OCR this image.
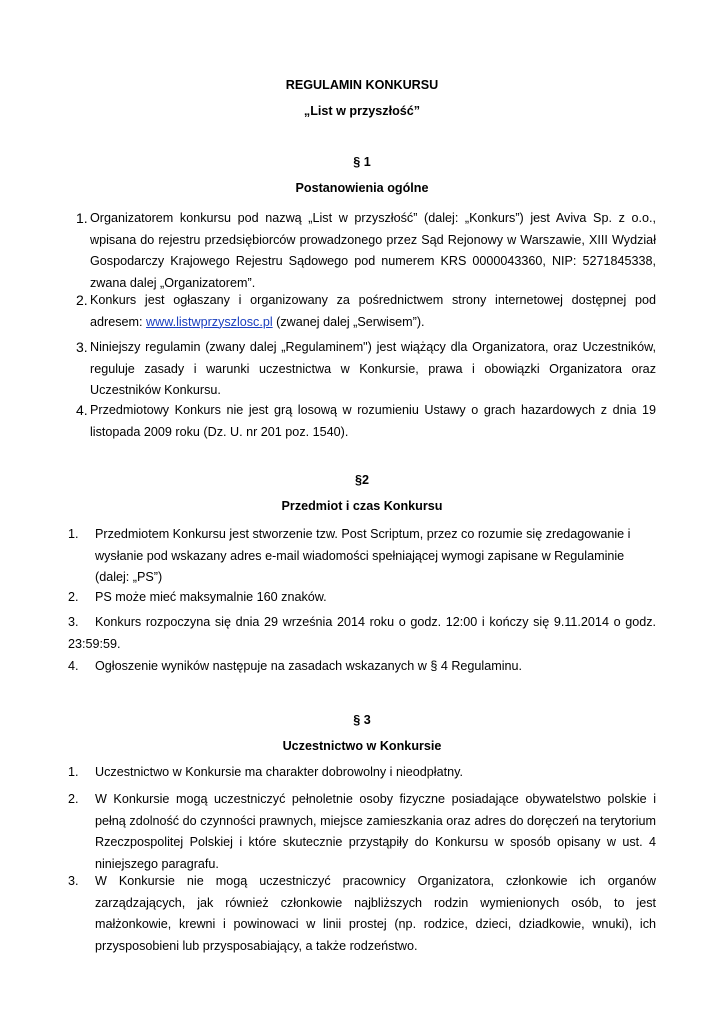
REGULAMIN KONKURSU
„List w przyszłość”
§ 1
Postanowienia ogólne
1. Organizatorem konkursu pod nazwą „List w przyszłość” (dalej: „Konkurs”) jest Aviva Sp. z o.o., wpisana do rejestru przedsiębiorców prowadzonego przez Sąd Rejonowy w Warszawie, XIII Wydział Gospodarczy Krajowego Rejestru Sądowego pod numerem KRS 0000043360, NIP: 5271845338, zwana dalej „Organizatorem”.
2. Konkurs jest ogłaszany i organizowany za pośrednictwem strony internetowej dostępnej pod adresem: www.listwprzyszlosc.pl (zwanej dalej „Serwisem”).
3. Niniejszy regulamin (zwany dalej „Regulaminem") jest wiążący dla Organizatora, oraz Uczestników, reguluje zasady i warunki uczestnictwa w Konkursie, prawa i obowiązki Organizatora oraz Uczestników Konkursu.
4. Przedmiotowy Konkurs nie jest grą losową w rozumieniu Ustawy o grach hazardowych z dnia 19 listopada 2009 roku (Dz. U. nr 201 poz. 1540).
§2
Przedmiot i czas Konkursu
1.	Przedmiotem Konkursu jest stworzenie tzw. Post Scriptum, przez co rozumie się zredagowanie i wysłanie pod wskazany adres e-mail wiadomości spełniającej wymogi zapisane w Regulaminie (dalej: „PS”)
2.	PS może mieć maksymalnie 160 znaków.
3.	Konkurs rozpoczyna się dnia 29 września 2014 roku o godz. 12:00 i kończy się 9.11.2014 o godz. 23:59:59.
4.	Ogłoszenie wyników następuje na zasadach wskazanych w § 4 Regulaminu.
§ 3
Uczestnictwo w Konkursie
1.	Uczestnictwo w Konkursie ma charakter dobrowolny i nieodpłatny.
2.	W Konkursie mogą uczestniczyć pełnoletnie osoby fizyczne posiadające obywatelstwo polskie i pełną zdolność do czynności prawnych, miejsce zamieszkania oraz adres do doręczeń na terytorium Rzeczpospolitej Polskiej i które skutecznie przystąpiły do Konkursu w sposób opisany w ust. 4 niniejszego paragrafu.
3.	W Konkursie nie mogą uczestniczyć pracownicy Organizatora, członkowie ich organów zarządzających, jak również członkowie najbliższych rodzin wymienionych osób, to jest małżonkowie, krewni i powinowaci w linii prostej (np. rodzice, dzieci, dziadkowie, wnuki), ich przysposobieni lub przysposabiający, a także rodzeństwo.
